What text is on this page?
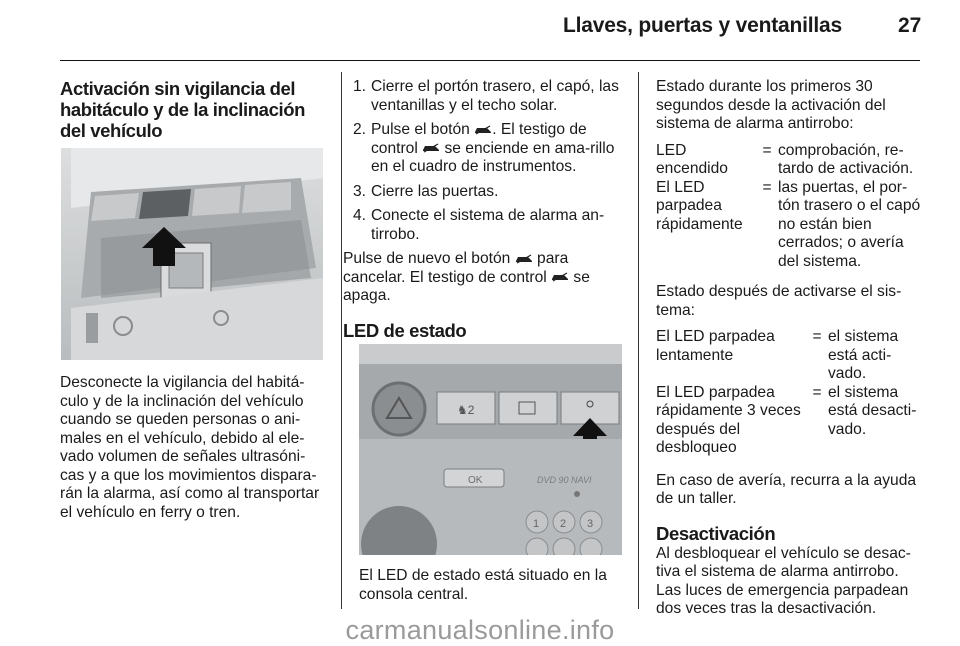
Llaves, puertas y ventanillas	27
Activación sin vigilancia del habitáculo y de la inclinación del vehículo

Desconecte la vigilancia del habitá-culo y de la inclinación del vehículo cuando se queden personas o ani-males en el vehículo, debido al ele-vado volumen de señales ultrasóni-cas y a que los movimientos dispara-rán la alarma, así como al transportar el vehículo en ferry o tren.

1. Cierre el portón trasero, el capó, las ventanillas y el techo solar.
2. Pulse el botón . El testigo de control se enciende en ama-rillo en el cuadro de instrumentos.
3. Cierre las puertas.
4. Conecte el sistema de alarma an-tirrobo.

Pulse de nuevo el botón para cancelar. El testigo de control se apaga.

LED de estado
♞2
OK	DVD 90 NAVI
1 2 3

El LED de estado está situado en la consola central.

Estado durante los primeros 30 segundos desde la activación del sistema de alarma antirrobo:

LED encendido	=	comprobación, re-tardo de activación.
El LED parpadea rápidamente	=	las puertas, el por-tón trasero o el capó no están bien cerrados; o avería del sistema.

Estado después de activarse el sis-tema:

El LED parpadea lentamente	=	el sistema está acti-vado.
El LED parpadea rápidamente 3 veces después del desbloqueo	=	el sistema está desacti-vado.

En caso de avería, recurra a la ayuda de un taller.

Desactivación

Al desbloquear el vehículo se desac-tiva el sistema de alarma antirrobo. Las luces de emergencia parpadean dos veces tras la desactivación.

carmanualsonline.info
